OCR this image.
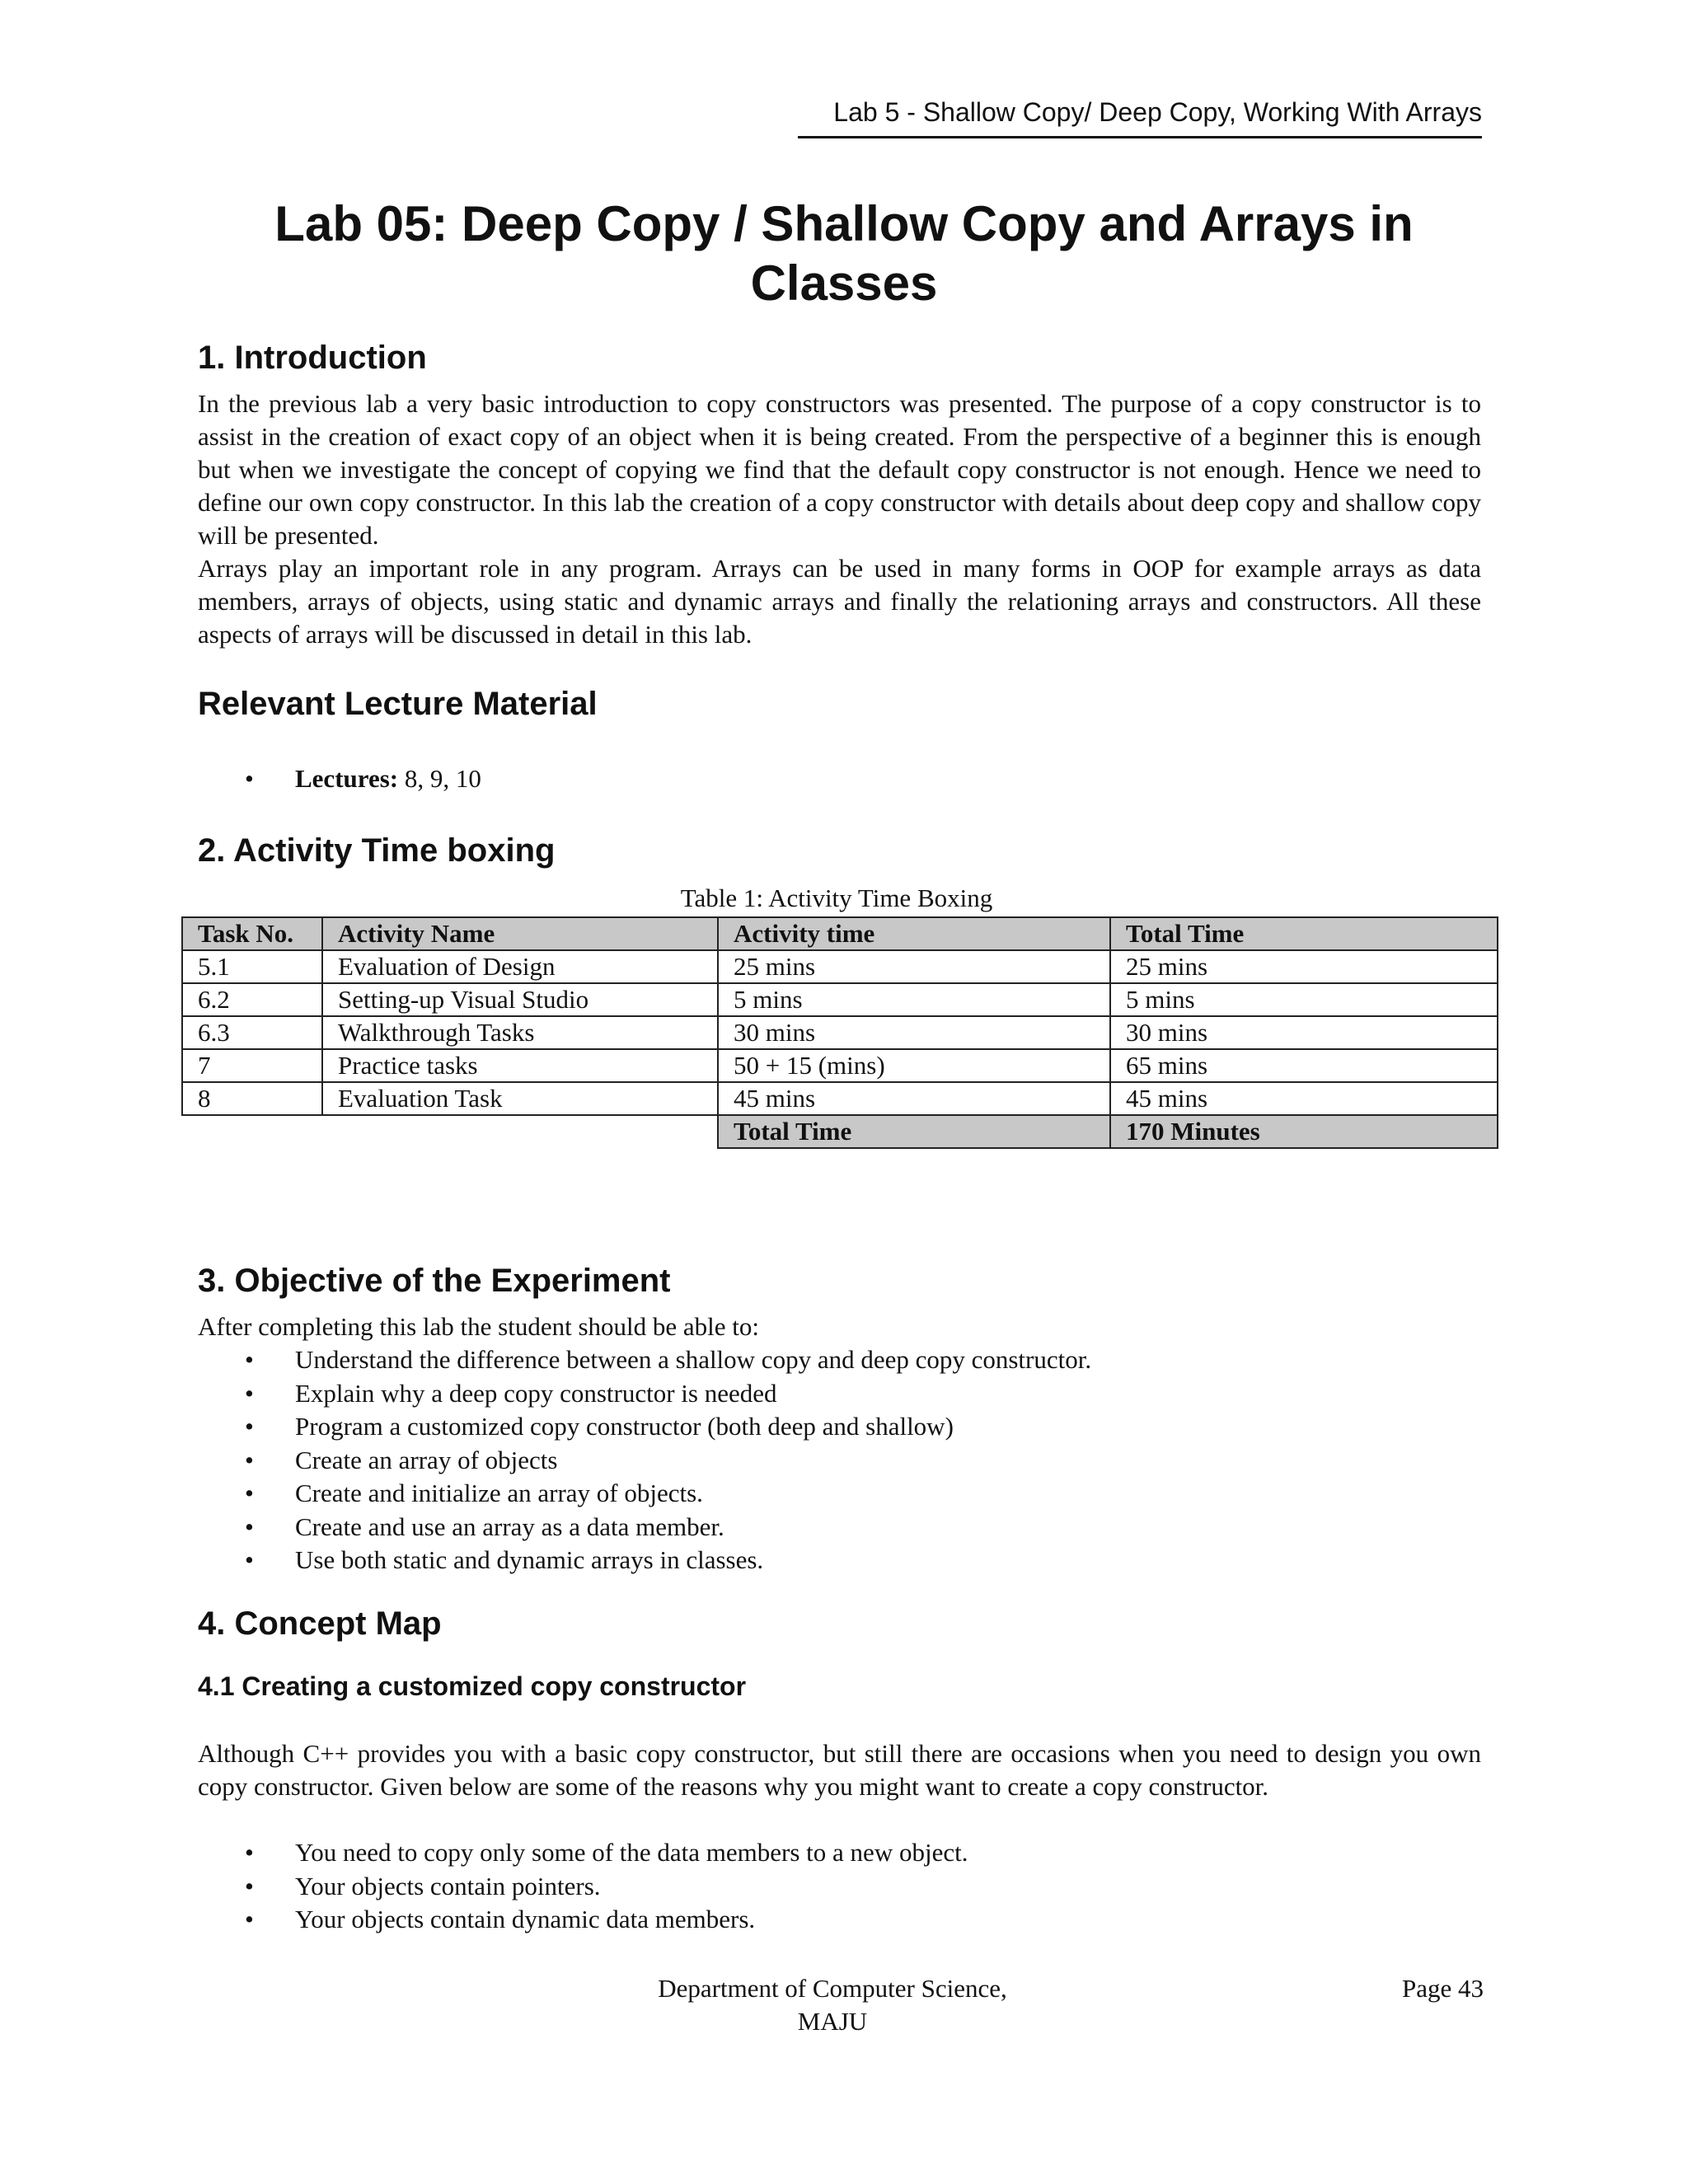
Lab 5 - Shallow Copy/ Deep Copy, Working With Arrays
Lab 05: Deep Copy / Shallow Copy and Arrays in Classes
1. Introduction

In the previous lab a very basic introduction to copy constructors was presented. The purpose of a copy constructor is to assist in the creation of exact copy of an object when it is being created. From the perspective of a beginner this is enough but when we investigate the concept of copying we find that the default copy constructor is not enough. Hence we need to define our own copy constructor. In this lab the creation of a copy constructor with details about deep copy and shallow copy will be presented.

Arrays play an important role in any program. Arrays can be used in many forms in OOP for example arrays as data members, arrays of objects, using static and dynamic arrays and finally the relationing arrays and constructors. All these aspects of arrays will be discussed in detail in this lab.

Relevant Lecture Material
• Lectures: 8, 9, 10
2. Activity Time boxing
Table 1: Activity Time Boxing
Task No.	Activity Name	Activity time	Total Time
5.1	Evaluation of Design	25 mins	25 mins
6.2	Setting-up Visual Studio	5 mins	5 mins
6.3	Walkthrough Tasks	30 mins	30 mins
7	Practice tasks	50 + 15 (mins)	65 mins
8	Evaluation Task	45 mins	45 mins
		Total Time	170 Minutes
3. Objective of the Experiment

After completing this lab the student should be able to:

• Understand the difference between a shallow copy and deep copy constructor.
• Explain why a deep copy constructor is needed
• Program a customized copy constructor (both deep and shallow)
• Create an array of objects
• Create and initialize an array of objects.
• Create and use an array as a data member.
• Use both static and dynamic arrays in classes.
4. Concept Map
4.1 Creating a customized copy constructor

Although C++ provides you with a basic copy constructor, but still there are occasions when you need to design you own copy constructor. Given below are some of the reasons why you might want to create a copy constructor.

• You need to copy only some of the data members to a new object.
• Your objects contain pointers.
• Your objects contain dynamic data members.
Department of Computer Science,
MAJU
Page 43
